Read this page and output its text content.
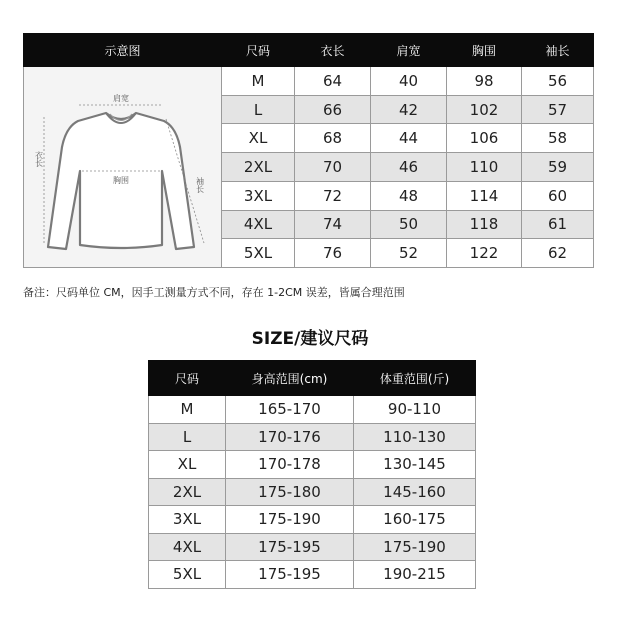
示意图	尺码	衣长	肩宽	胸围	袖长

肩宽
衣长
袖长
胸围	M	64	40	98	56
	L	66	42	102	57
	XL	68	44	106	58
	2XL	70	46	110	59
	3XL	72	48	114	60
	4XL	74	50	118	61
	5XL	76	52	122	62
备注：尺码单位 CM，因手工测量方式不同，存在 1-2CM 误差，皆属合理范围
SIZE/建议尺码
尺码	身高范围(cm)	体重范围(斤)
M	165-170	90-110
L	170-176	110-130
XL	170-178	130-145
2XL	175-180	145-160
3XL	175-190	160-175
4XL	175-195	175-190
5XL	175-195	190-215
